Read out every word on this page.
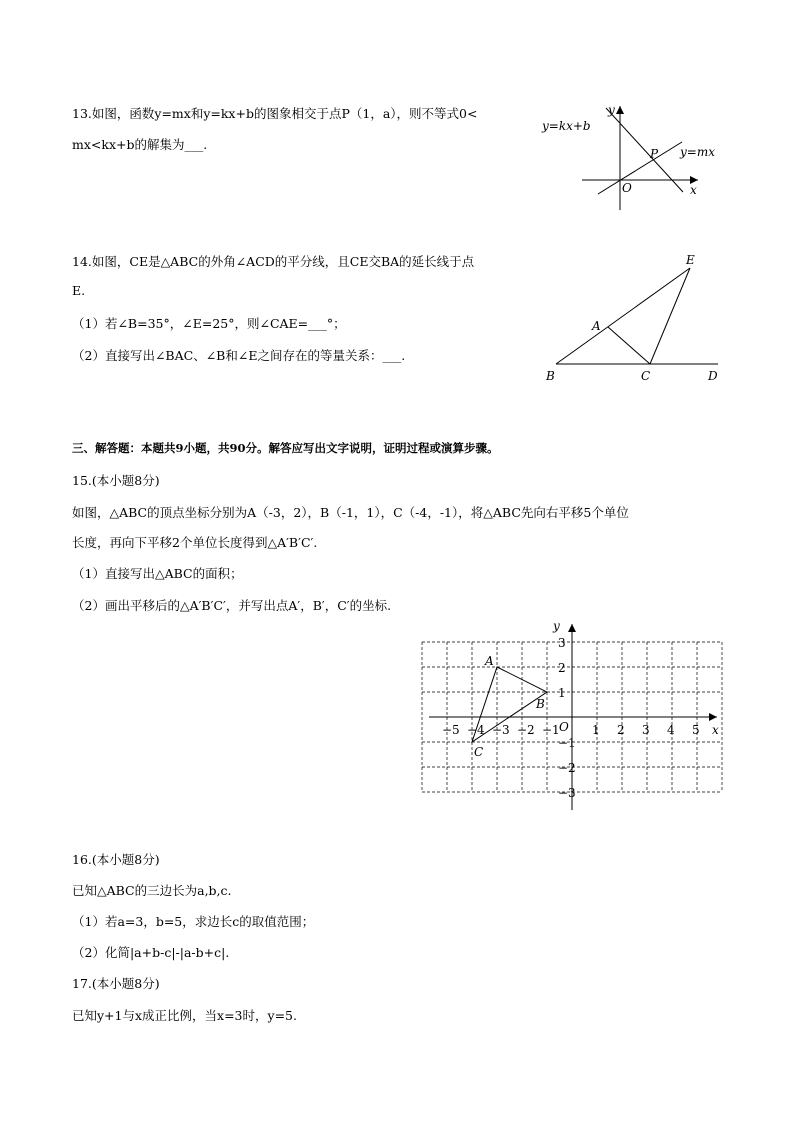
13.如图，函数y=mx和y=kx+b的图象相交于点P（1，a），则不等式0<
mx<kx+b的解集为___.
y=kx+b
y=mx
P
O	x
y
14.如图，CE是△ABC的外角∠ACD的平分线，且CE交BA的延长线于点
E.
（1）若∠B=35°，∠E=25°，则∠CAE=___°；
（2）直接写出∠BAC、∠B和∠E之间存在的等量关系：___.
A
B	C	D
E
三、解答题：本题共9小题，共90分。解答应写出文字说明，证明过程或演算步骤。
15.(本小题8分)
如图，△ABC的顶点坐标分别为A（-3，2），B（-1，1），C（-4，-1），将△ABC先向右平移5个单位
长度，再向下平移2个单位长度得到△A′B′C′.
（1）直接写出△ABC的面积；
（2）画出平移后的△A′B′C′，并写出点A′，B′，C′的坐标.
−5 −4 −3 −2 −1	1 2 3 4 5
3
2
1
−1
−2
−3
A
B
C
O	x
y
16.(本小题8分)
已知△ABC的三边长为a,b,c.
（1）若a=3，b=5，求边长c的取值范围；
（2）化简|a+b-c|-|a-b+c|.
17.(本小题8分)
已知y+1与x成正比例，当x=3时，y=5.
